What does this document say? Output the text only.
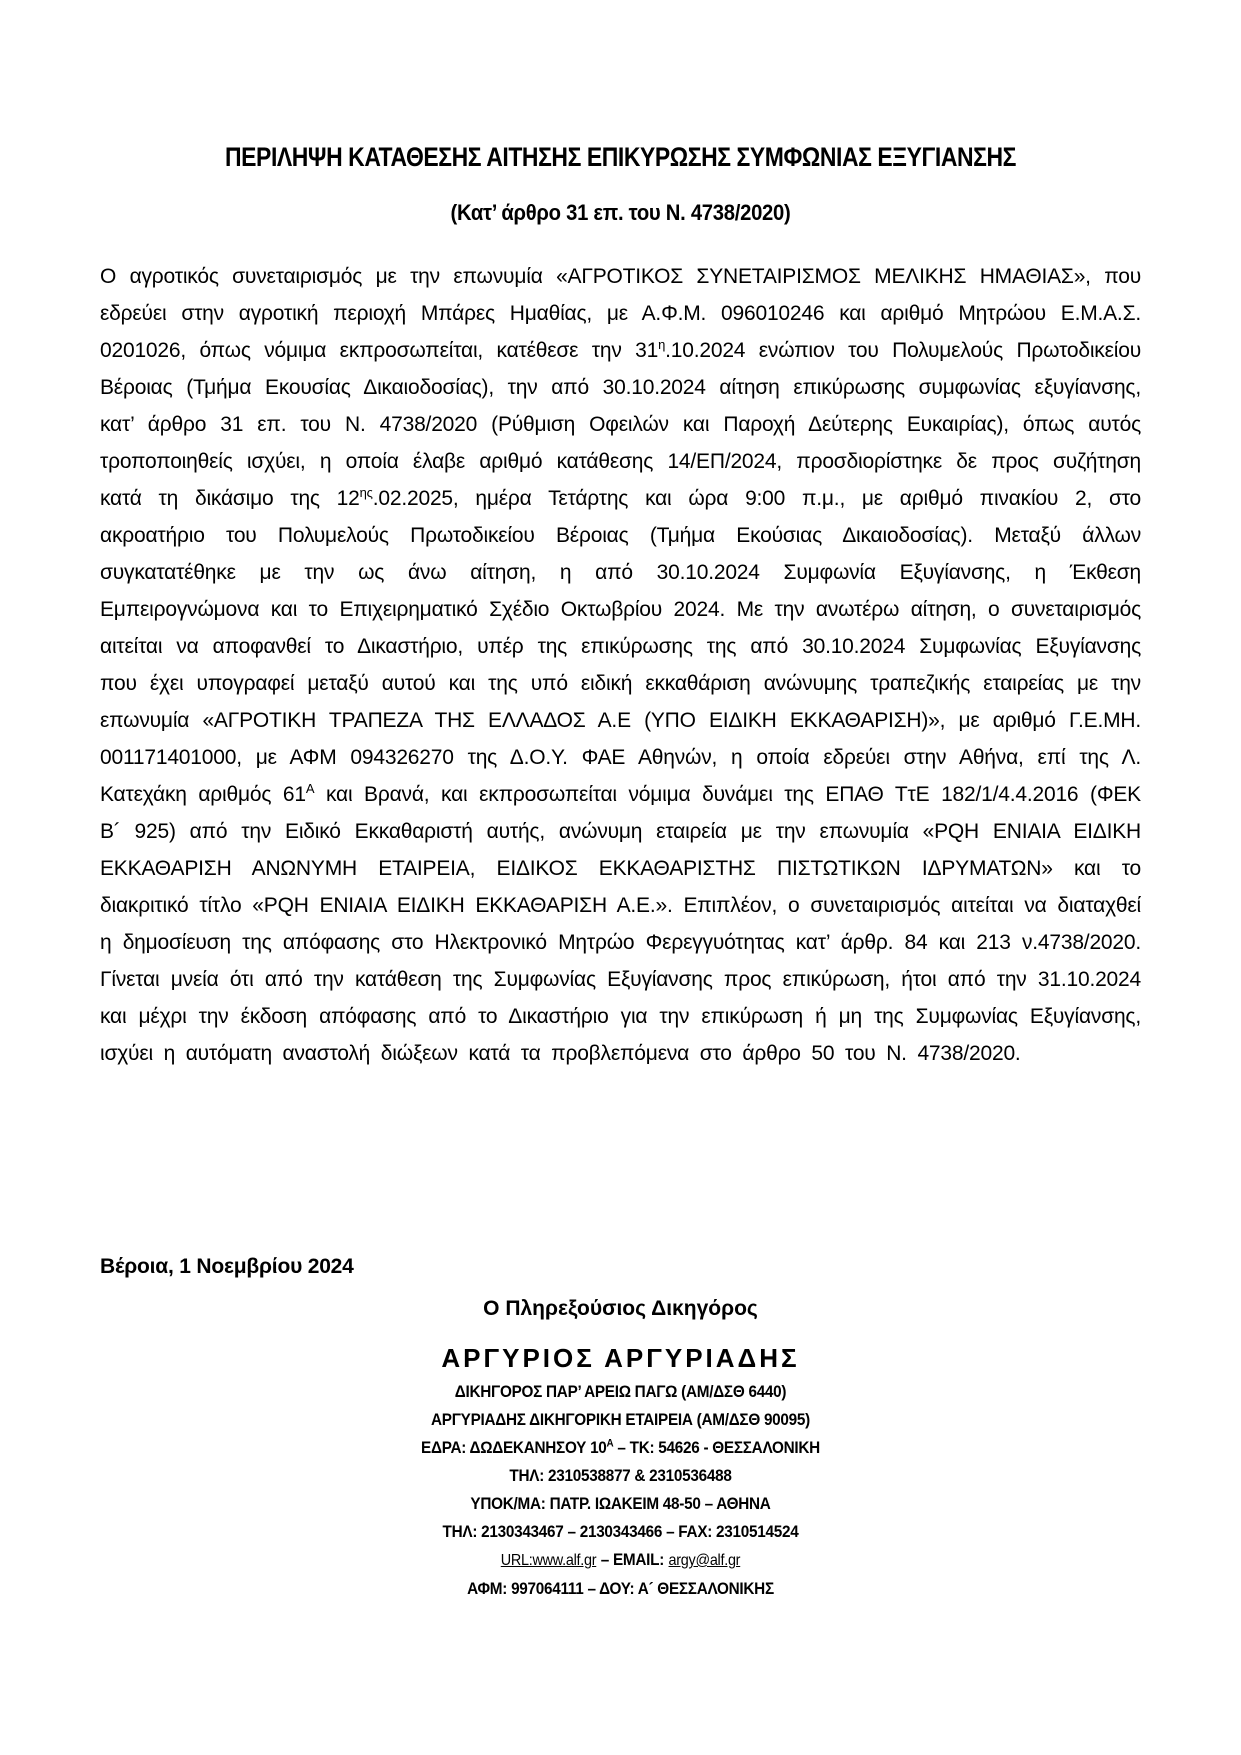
ΠΕΡΙΛΗΨΗ ΚΑΤΑΘΕΣΗΣ ΑΙΤΗΣΗΣ ΕΠΙΚΥΡΩΣΗΣ ΣΥΜΦΩΝΙΑΣ ΕΞΥΓΙΑΝΣΗΣ
(Κατ’ άρθρο 31 επ. του Ν. 4738/2020)

Ο αγροτικός συνεταιρισμός με την επωνυμία «ΑΓΡΟΤΙΚΟΣ ΣΥΝΕΤΑΙΡΙΣΜΟΣ ΜΕΛΙΚΗΣ ΗΜΑΘΙΑΣ», που εδρεύει στην αγροτική περιοχή Μπάρες Ημαθίας, με Α.Φ.Μ. 096010246 και αριθμό Μητρώου Ε.Μ.Α.Σ. 0201026, όπως νόμιμα εκπροσωπείται, κατέθεσε την $31^\eta.10.2024$ ενώπιον του Πολυμελούς Πρωτοδικείου Βέροιας (Τμήμα Εκουσίας Δικαιοδοσίας), την από 30.10.2024 αίτηση επικύρωσης συμφωνίας εξυγίανσης, κατ’ άρθρο 31 επ. του Ν. 4738/2020 (Ρύθμιση Οφειλών και Παροχή Δεύτερης Ευκαιρίας), όπως αυτός τροποποιηθείς ισχύει, η οποία έλαβε αριθμό κατάθεσης 14/ΕΠ/2024, προσδιορίστηκε δε προς συζήτηση κατά τη δικάσιμο της $12^{\eta\varsigma}.02.2025$, ημέρα Τετάρτης και ώρα 9:00 π.μ., με αριθμό πινακίου 2, στο ακροατήριο του Πολυμελούς Πρωτοδικείου Βέροιας (Τμήμα Εκούσιας Δικαιοδοσίας). Μεταξύ άλλων συγκατατέθηκε με την ως άνω αίτηση, η από 30.10.2024 Συμφωνία Εξυγίανσης, η Έκθεση Εμπειρογνώμονα και το Επιχειρηματικό Σχέδιο Οκτωβρίου 2024. Με την ανωτέρω αίτηση, ο συνεταιρισμός αιτείται να αποφανθεί το Δικαστήριο, υπέρ της επικύρωσης της από 30.10.2024 Συμφωνίας Εξυγίανσης που έχει υπογραφεί μεταξύ αυτού και της υπό ειδική εκκαθάριση ανώνυμης τραπεζικής εταιρείας με την επωνυμία «ΑΓΡΟΤΙΚΗ ΤΡΑΠΕΖΑ ΤΗΣ ΕΛΛΑΔΟΣ Α.Ε (ΥΠΟ ΕΙΔΙΚΗ ΕΚΚΑΘΑΡΙΣΗ)», με αριθμό Γ.Ε.ΜΗ. 001171401000, με ΑΦΜ 094326270 της Δ.Ο.Υ. ΦΑΕ Αθηνών, η οποία εδρεύει στην Αθήνα, επί της Λ. Κατεχάκη αριθμός $61^A$ και Βρανά, και εκπροσωπείται νόμιμα δυνάμει της ΕΠΑΘ ΤτΕ 182/1/4.4.2016 (ΦΕΚ Β´ 925) από την Ειδικό Εκκαθαριστή αυτής, ανώνυμη εταιρεία με την επωνυμία «PQH ΕΝΙΑΙΑ ΕΙΔΙΚΗ ΕΚΚΑΘΑΡΙΣΗ ΑΝΩΝΥΜΗ ΕΤΑΙΡΕΙΑ, ΕΙΔΙΚΟΣ ΕΚΚΑΘΑΡΙΣΤΗΣ ΠΙΣΤΩΤΙΚΩΝ ΙΔΡΥΜΑΤΩΝ» και το διακριτικό τίτλο «PQH ΕΝΙΑΙΑ ΕΙΔΙΚΗ ΕΚΚΑΘΑΡΙΣΗ Α.Ε.». Επιπλέον, ο συνεταιρισμός αιτείται να διαταχθεί η δημοσίευση της απόφασης στο Ηλεκτρονικό Μητρώο Φερεγγυότητας κατ’ άρθρ. 84 και 213 ν.4738/2020. Γίνεται μνεία ότι από την κατάθεση της Συμφωνίας Εξυγίανσης προς επικύρωση, ήτοι από την 31.10.2024 και μέχρι την έκδοση απόφασης από το Δικαστήριο για την επικύρωση ή μη της Συμφωνίας Εξυγίανσης, ισχύει η αυτόματη αναστολή διώξεων κατά τα προβλεπόμενα στο άρθρο 50 του Ν. 4738/2020.

Βέροια, 1 Νοεμβρίου 2024

Ο Πληρεξούσιος Δικηγόρος

ΑΡΓΥΡΙΟΣ ΑΡΓΥΡΙΑΔΗΣ

ΔΙΚΗΓΟΡΟΣ ΠΑΡ’ ΑΡΕΙΩ ΠΑΓΩ (ΑΜ/ΔΣΘ 6440)
ΑΡΓΥΡΙΑΔΗΣ ΔΙΚΗΓΟΡΙΚΗ ΕΤΑΙΡΕΙΑ (ΑΜ/ΔΣΘ 90095)
ΕΔΡΑ: ΔΩΔΕΚΑΝΗΣΟΥ $10^A$ – ΤΚ: 54626 - ΘΕΣΣΑΛΟΝΙΚΗ
ΤΗΛ: 2310538877 & 2310536488
ΥΠΟΚ/ΜΑ: ΠΑΤΡ. ΙΩΑΚΕΙΜ 48-50 – ΑΘΗΝΑ
ΤΗΛ: 2130343467 – 2130343466 – FAX: 2310514524
URL:www.alf.gr – EMAIL: argy@alf.gr
ΑΦΜ: 997064111 – ΔΟΥ: Α´ ΘΕΣΣΑΛΟΝΙΚΗΣ
